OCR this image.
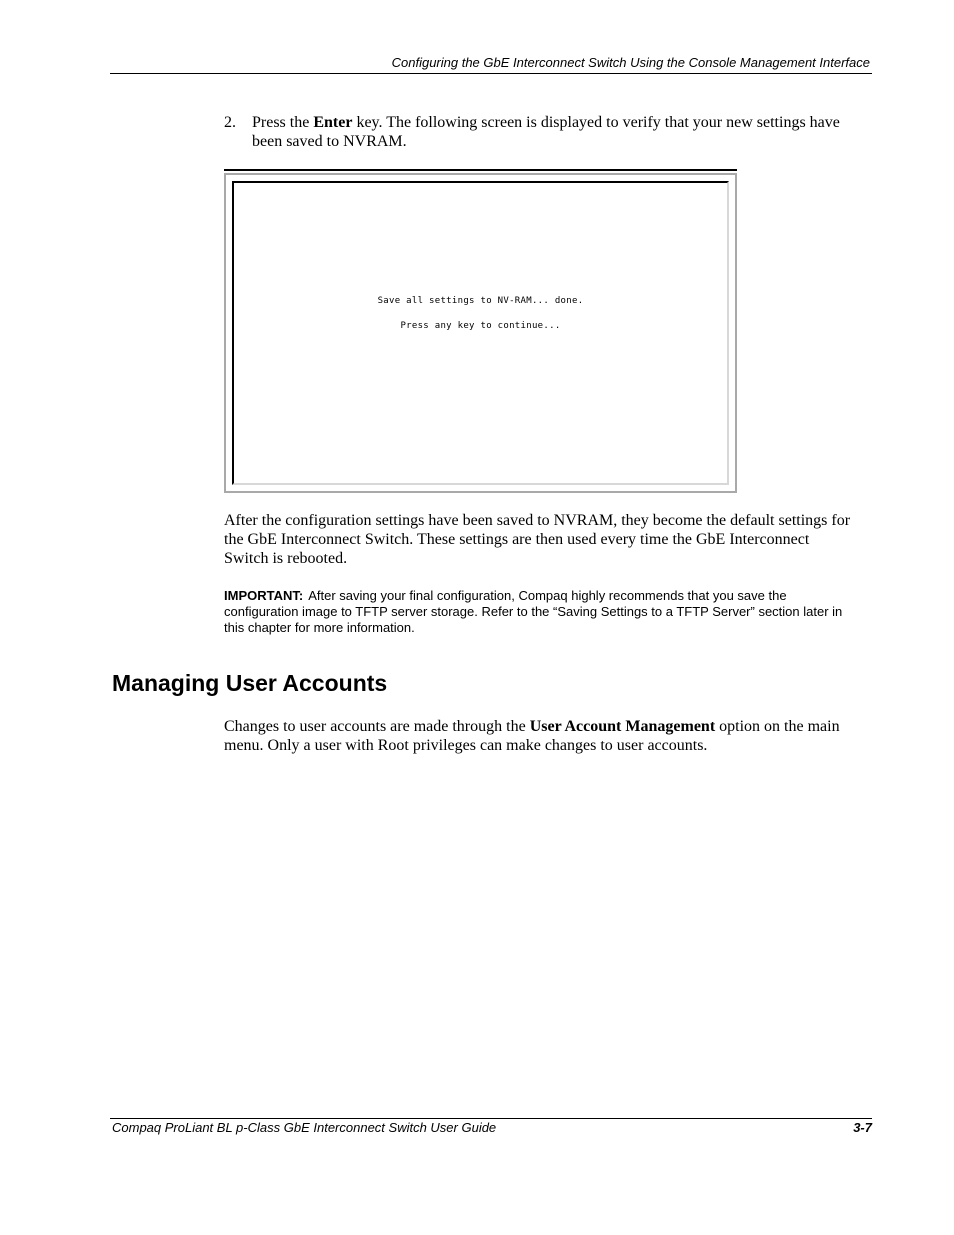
Configuring the GbE Interconnect Switch Using the Console Management Interface
2. Press the Enter key. The following screen is displayed to verify that your new settings have been saved to NVRAM.
Save all settings to NV-RAM... done.
Press any key to continue...
After the configuration settings have been saved to NVRAM, they become the default settings for the GbE Interconnect Switch. These settings are then used every time the GbE Interconnect Switch is rebooted.
IMPORTANT: After saving your final configuration, Compaq highly recommends that you save the configuration image to TFTP server storage. Refer to the “Saving Settings to a TFTP Server” section later in this chapter for more information.
Managing User Accounts
Changes to user accounts are made through the User Account Management option on the main menu. Only a user with Root privileges can make changes to user accounts.
Compaq ProLiant BL p-Class GbE Interconnect Switch User Guide	3-7
